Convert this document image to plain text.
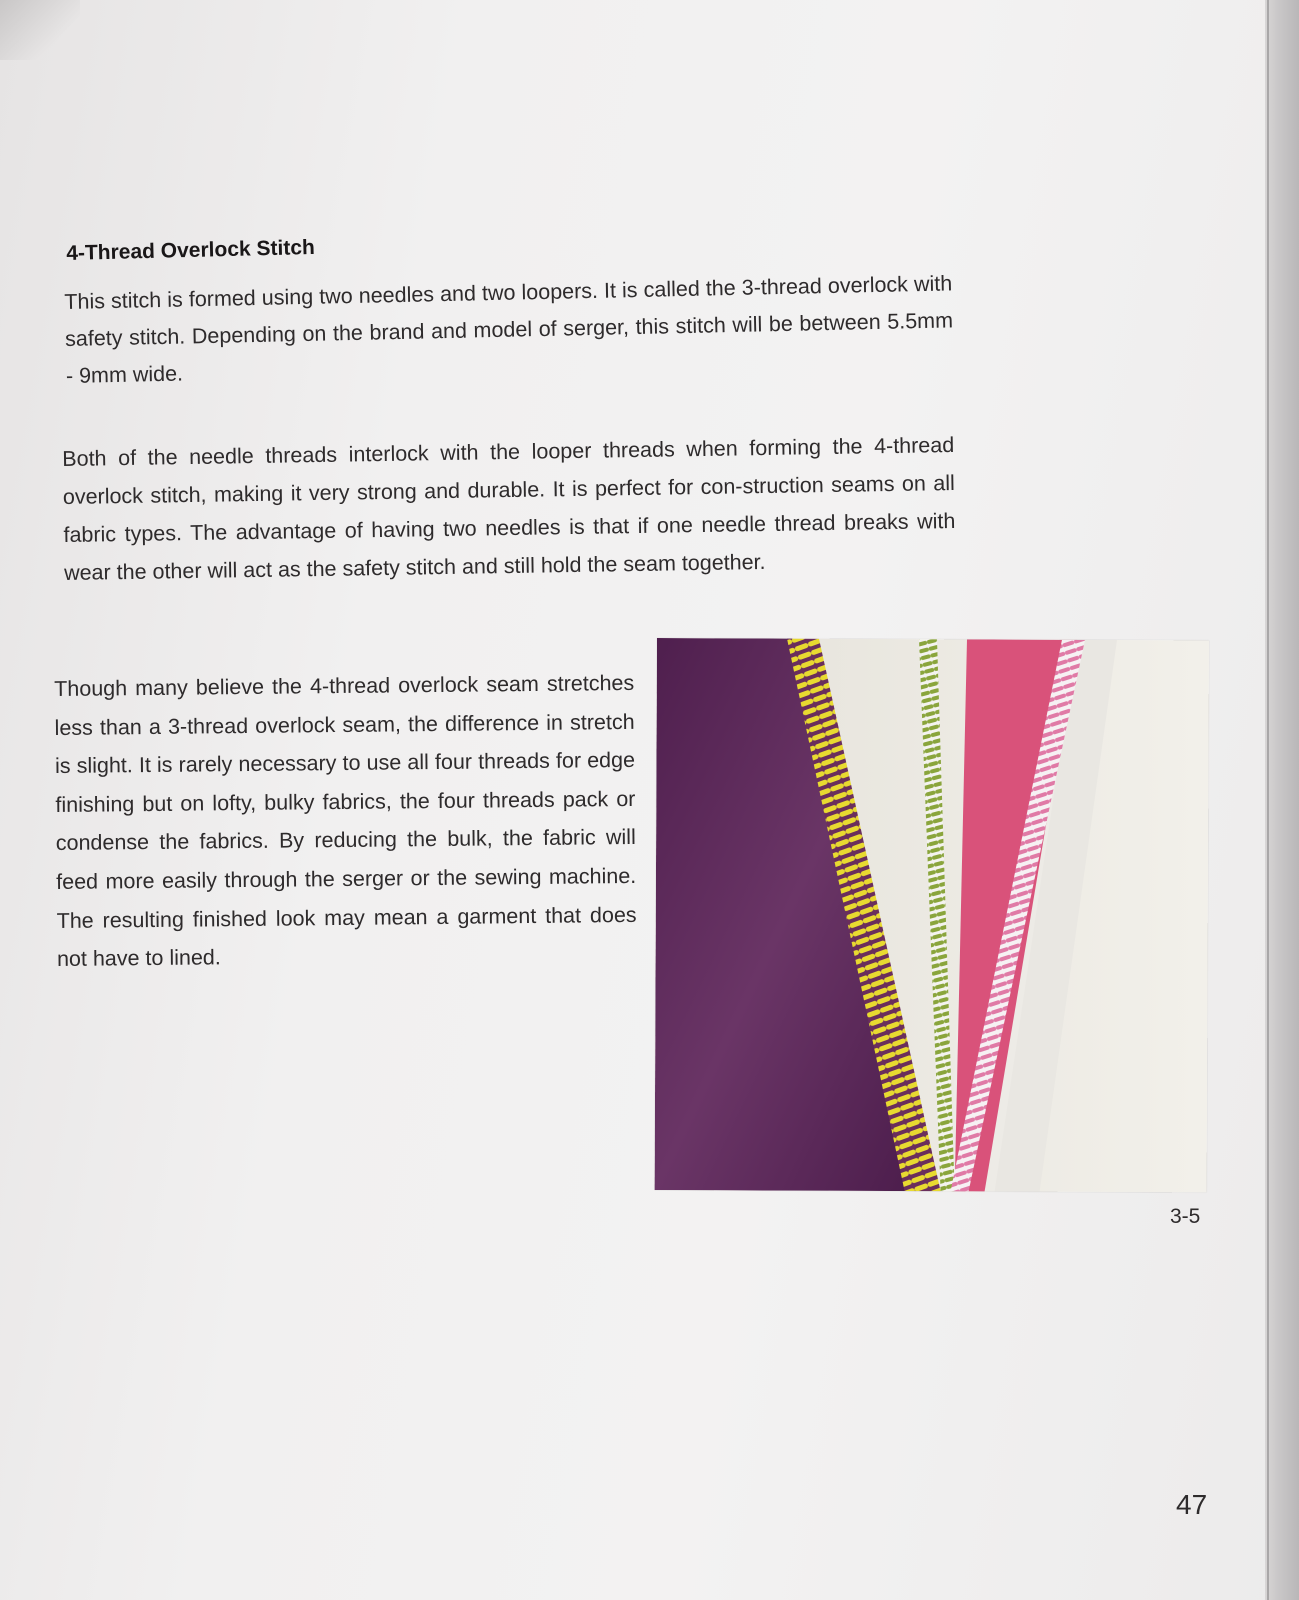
4-Thread Overlock Stitch
This stitch is formed using two needles and two loopers. It is called the 3-thread overlock with safety stitch. Depending on the brand and model of serger, this stitch will be between 5.5mm - 9mm wide.
Both of the needle threads interlock with the looper threads when forming the 4-thread overlock stitch, making it very strong and durable. It is perfect for con-struction seams on all fabric types. The advantage of having two needles is that if one needle thread breaks with wear the other will act as the safety stitch and still hold the seam together.
Though many believe the 4-thread overlock seam stretches less than a 3-thread overlock seam, the difference in stretch is slight. It is rarely necessary to use all four threads for edge finishing but on lofty, bulky fabrics, the four threads pack or condense the fabrics. By reducing the bulk, the fabric will feed more easily through the serger or the sewing machine. The resulting finished look may mean a garment that does not have to lined.
3-5
47
